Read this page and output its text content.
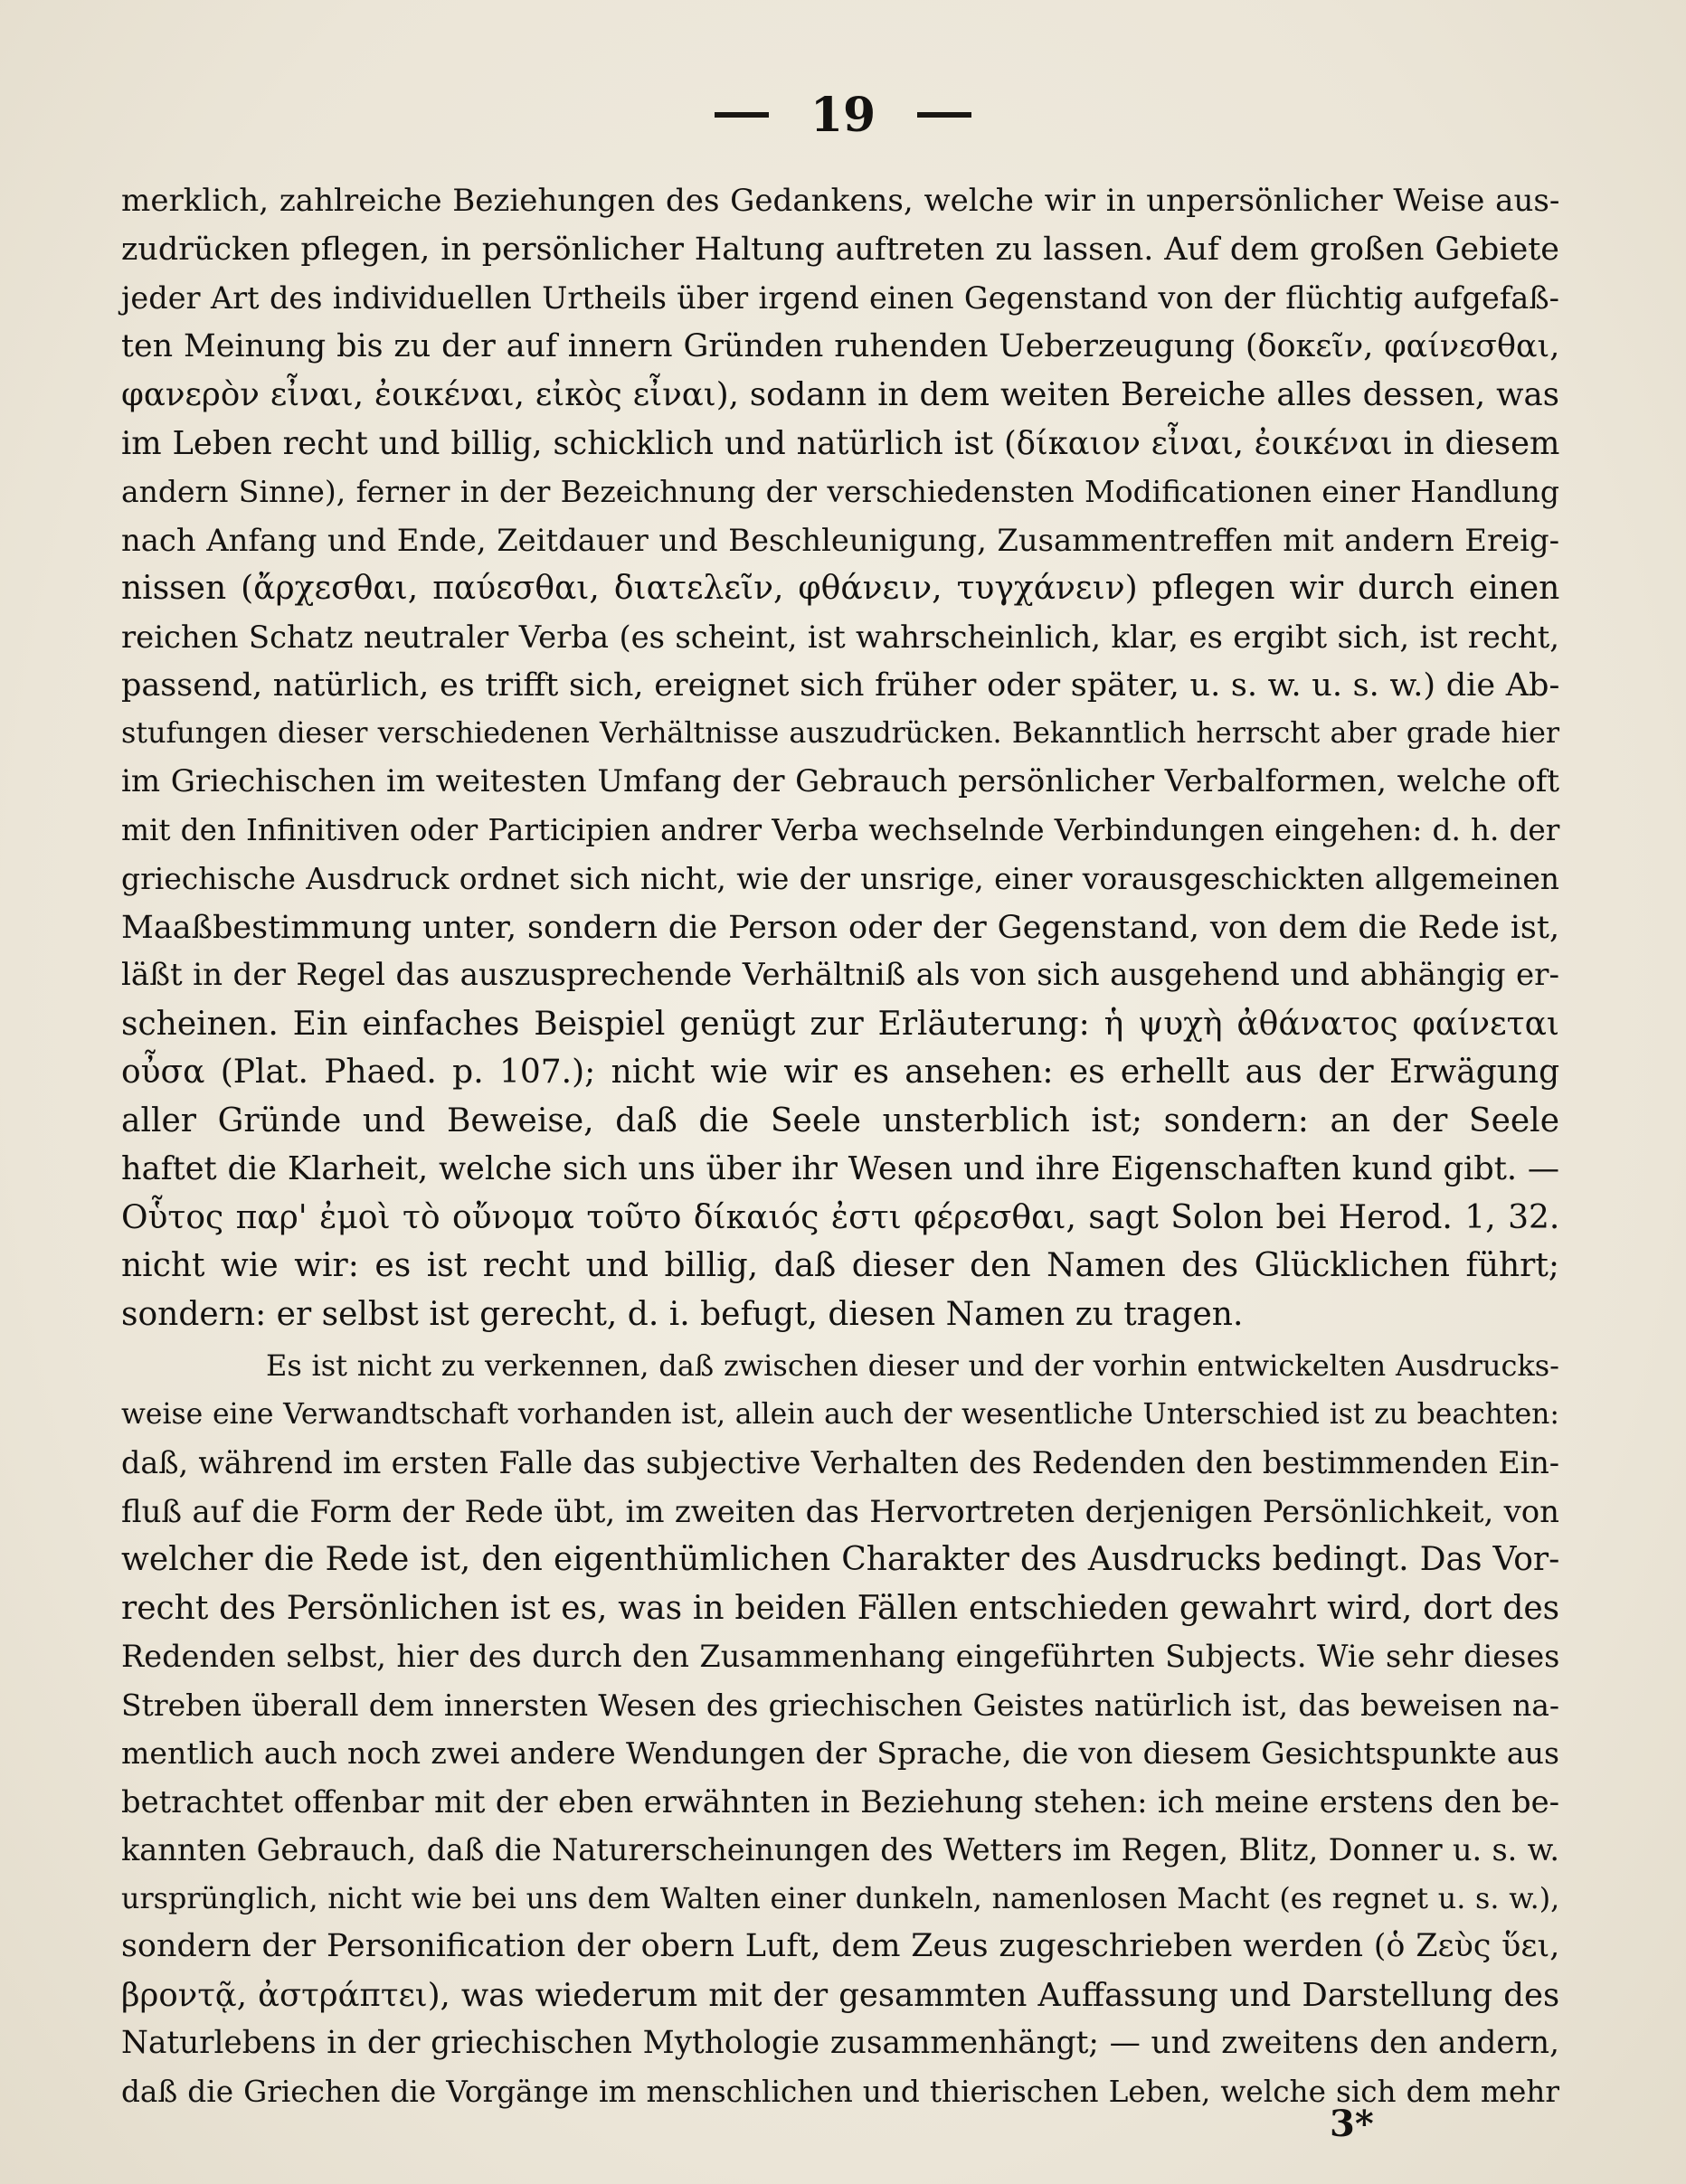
19
merklich, zahlreiche Beziehungen des Gedankens, welche wir in unpersönlicher Weise aus-
zudrücken pflegen, in persönlicher Haltung auftreten zu lassen. Auf dem großen Gebiete
jeder Art des individuellen Urtheils über irgend einen Gegenstand von der flüchtig aufgefaß-
ten Meinung bis zu der auf innern Gründen ruhenden Ueberzeugung (δοκεῖν, φαίνεσθαι,
φανερὸν εἶναι, ἐοικέναι, εἰκὸς εἶναι), sodann in dem weiten Bereiche alles dessen, was
im Leben recht und billig, schicklich und natürlich ist (δίκαιον εἶναι, ἐοικέναι in diesem
andern Sinne), ferner in der Bezeichnung der verschiedensten Modificationen einer Handlung
nach Anfang und Ende, Zeitdauer und Beschleunigung, Zusammentreffen mit andern Ereig-
nissen (ἄρχεσθαι, παύεσθαι, διατελεῖν, φθάνειν, τυγχάνειν) pflegen wir durch einen
reichen Schatz neutraler Verba (es scheint, ist wahrscheinlich, klar, es ergibt sich, ist recht,
passend, natürlich, es trifft sich, ereignet sich früher oder später, u. s. w. u. s. w.) die Ab-
stufungen dieser verschiedenen Verhältnisse auszudrücken. Bekanntlich herrscht aber grade hier
im Griechischen im weitesten Umfang der Gebrauch persönlicher Verbalformen, welche oft
mit den Infinitiven oder Participien andrer Verba wechselnde Verbindungen eingehen: d. h. der
griechische Ausdruck ordnet sich nicht, wie der unsrige, einer vorausgeschickten allgemeinen
Maaßbestimmung unter, sondern die Person oder der Gegenstand, von dem die Rede ist,
läßt in der Regel das auszusprechende Verhältniß als von sich ausgehend und abhängig er-
scheinen. Ein einfaches Beispiel genügt zur Erläuterung: ἡ ψυχὴ ἀθάνατος φαίνεται
οὖσα (Plat. Phaed. p. 107.); nicht wie wir es ansehen: es erhellt aus der Erwägung
aller Gründe und Beweise, daß die Seele unsterblich ist; sondern: an der Seele
haftet die Klarheit, welche sich uns über ihr Wesen und ihre Eigenschaften kund gibt. —
Οὗτος παρ' ἐμοὶ τὸ οὔνομα τοῦτο δίκαιός ἐστι φέρεσθαι, sagt Solon bei Herod. 1, 32.
nicht wie wir: es ist recht und billig, daß dieser den Namen des Glücklichen führt;
sondern: er selbst ist gerecht, d. i. befugt, diesen Namen zu tragen.
Es ist nicht zu verkennen, daß zwischen dieser und der vorhin entwickelten Ausdrucks-
weise eine Verwandtschaft vorhanden ist, allein auch der wesentliche Unterschied ist zu beachten:
daß, während im ersten Falle das subjective Verhalten des Redenden den bestimmenden Ein-
fluß auf die Form der Rede übt, im zweiten das Hervortreten derjenigen Persönlichkeit, von
welcher die Rede ist, den eigenthümlichen Charakter des Ausdrucks bedingt. Das Vor-
recht des Persönlichen ist es, was in beiden Fällen entschieden gewahrt wird, dort des
Redenden selbst, hier des durch den Zusammenhang eingeführten Subjects. Wie sehr dieses
Streben überall dem innersten Wesen des griechischen Geistes natürlich ist, das beweisen na-
mentlich auch noch zwei andere Wendungen der Sprache, die von diesem Gesichtspunkte aus
betrachtet offenbar mit der eben erwähnten in Beziehung stehen: ich meine erstens den be-
kannten Gebrauch, daß die Naturerscheinungen des Wetters im Regen, Blitz, Donner u. s. w.
ursprünglich, nicht wie bei uns dem Walten einer dunkeln, namenlosen Macht (es regnet u. s. w.),
sondern der Personification der obern Luft, dem Zeus zugeschrieben werden (ὁ Ζεὺς ὕει,
βροντᾷ, ἀστράπτει), was wiederum mit der gesammten Auffassung und Darstellung des
Naturlebens in der griechischen Mythologie zusammenhängt; — und zweitens den andern,
daß die Griechen die Vorgänge im menschlichen und thierischen Leben, welche sich dem mehr
3*
